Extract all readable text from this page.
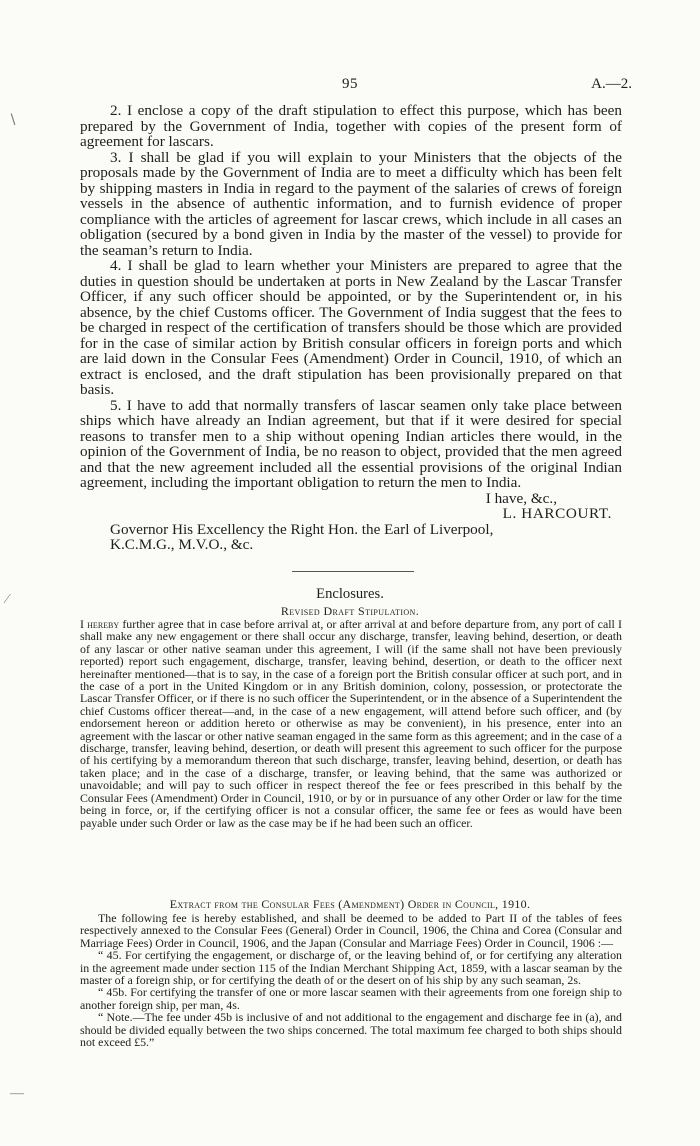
95	A.—2.
∖
⁄
—

2. I enclose a copy of the draft stipulation to effect this purpose, which has been prepared by the Government of India, together with copies of the present form of agreement for lascars.

3. I shall be glad if you will explain to your Ministers that the objects of the proposals made by the Government of India are to meet a difficulty which has been felt by shipping masters in India in regard to the payment of the salaries of crews of foreign vessels in the absence of authentic information, and to furnish evidence of proper compliance with the articles of agreement for lascar crews, which include in all cases an obligation (secured by a bond given in India by the master of the vessel) to provide for the seaman’s return to India.

4. I shall be glad to learn whether your Ministers are prepared to agree that the duties in question should be undertaken at ports in New Zealand by the Lascar Transfer Officer, if any such officer should be appointed, or by the Superintendent or, in his absence, by the chief Customs officer. The Government of India suggest that the fees to be charged in respect of the certification of transfers should be those which are provided for in the case of similar action by British consular officers in foreign ports and which are laid down in the Consular Fees (Amendment) Order in Council, 1910, of which an extract is enclosed, and the draft stipulation has been provisionally prepared on that basis.

5. I have to add that normally transfers of lascar seamen only take place between ships which have already an Indian agreement, but that if it were desired for special reasons to transfer men to a ship without opening Indian articles there would, in the opinion of the Government of India, be no reason to object, provided that the men agreed and that the new agreement included all the essential provisions of the original Indian agreement, including the important obligation to return the men to India.

I have, &c.,

L. HARCOURT.

Governor His Excellency the Right Hon. the Earl of Liverpool,

K.C.M.G., M.V.O., &c.

Enclosures.
Revised Draft Stipulation.

I hereby further agree that in case before arrival at, or after arrival at and before departure from, any port of call I shall make any new engagement or there shall occur any discharge, transfer, leaving behind, desertion, or death of any lascar or other native seaman under this agreement, I will (if the same shall not have been previously reported) report such engagement, discharge, transfer, leaving behind, desertion, or death to the officer next hereinafter mentioned—that is to say, in the case of a foreign port the British consular officer at such port, and in the case of a port in the United Kingdom or in any British dominion, colony, possession, or protectorate the Lascar Transfer Officer, or if there is no such officer the Superintendent, or in the absence of a Superintendent the chief Customs officer thereat—and, in the case of a new engagement, will attend before such officer, and (by endorsement hereon or addition hereto or otherwise as may be convenient), in his presence, enter into an agreement with the lascar or other native seaman engaged in the same form as this agreement; and in the case of a discharge, transfer, leaving behind, desertion, or death will present this agreement to such officer for the purpose of his certifying by a memorandum thereon that such discharge, transfer, leaving behind, desertion, or death has taken place; and in the case of a discharge, transfer, or leaving behind, that the same was authorized or unavoidable; and will pay to such officer in respect thereof the fee or fees prescribed in this behalf by the Consular Fees (Amendment) Order in Council, 1910, or by or in pursuance of any other Order or law for the time being in force, or, if the certifying officer is not a consular officer, the same fee or fees as would have been payable under such Order or law as the case may be if he had been such an officer.

Extract from the Consular Fees (Amendment) Order in Council, 1910.

The following fee is hereby established, and shall be deemed to be added to Part II of the tables of fees respectively annexed to the Consular Fees (General) Order in Council, 1906, the China and Corea (Consular and Marriage Fees) Order in Council, 1906, and the Japan (Consular and Marriage Fees) Order in Council, 1906 :—

“ 45. For certifying the engagement, or discharge of, or the leaving behind of, or for certifying any alteration in the agreement made under section 115 of the Indian Merchant Shipping Act, 1859, with a lascar seaman by the master of a foreign ship, or for certifying the death of or the desert on of his ship by any such seaman, 2s.

“ 45b. For certifying the transfer of one or more lascar seamen with their agreements from one foreign ship to another foreign ship, per man, 4s.

“ Note.—The fee under 45b is inclusive of and not additional to the engagement and discharge fee in (a), and should be divided equally between the two ships concerned. The total maximum fee charged to both ships should not exceed £5.”
